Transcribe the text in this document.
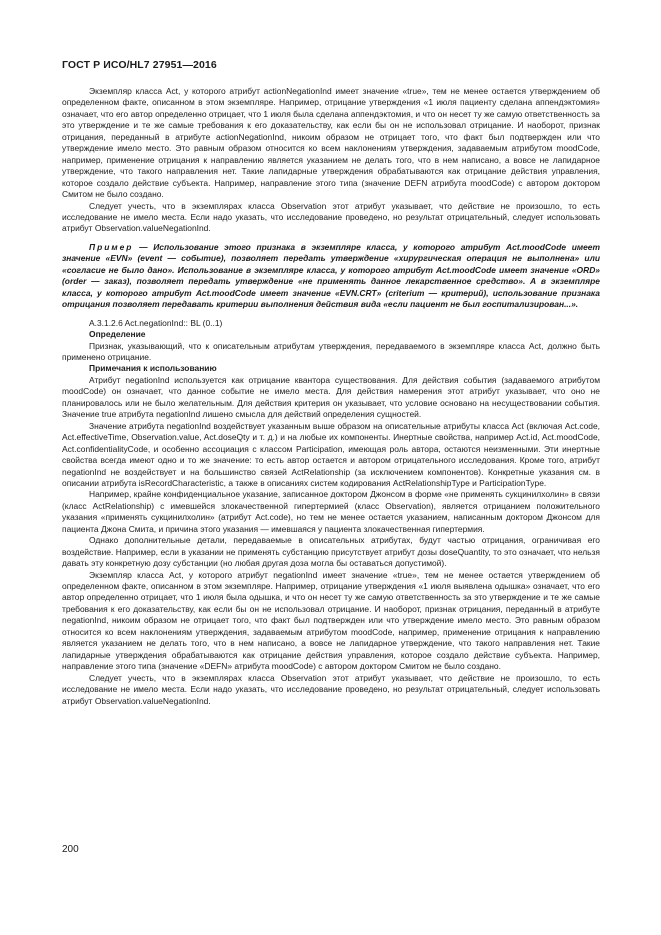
ГОСТ Р ИСО/HL7 27951—2016

Экземпляр класса Act, у которого атрибут actionNegationInd имеет значение «true», тем не менее остается утверждением об определенном факте, описанном в этом экземпляре. Например, отрицание утверждения «1 июля пациенту сделана аппендэктомия» означает, что его автор определенно отрицает, что 1 июля была сделана аппендэктомия, и что он несет ту же самую ответственность за это утверждение и те же самые требования к его доказательству, как если бы он не использовал отрицание. И наоборот, признак отрицания, переданный в атрибуте actionNegationInd, никоим образом не отрицает того, что факт был подтвержден или что утверждение имело место. Это равным образом относится ко всем наклонениям утверждения, задаваемым атрибутом moodCode, например, применение отрицания к направлению является указанием не делать того, что в нем написано, а вовсе не лапидарное утверждение, что такого направления нет. Такие лапидарные утверждения обрабатываются как отрицание действия управления, которое создало действие субъекта. Например, направление этого типа (значение DEFN атрибута moodCode) с автором доктором Смитом не было создано.

Следует учесть, что в экземплярах класса Observation этот атрибут указывает, что действие не произошло, то есть исследование не имело места. Если надо указать, что исследование проведено, но результат отрицательный, следует использовать атрибут Observation.valueNegationInd.

Пример — Использование этого признака в экземпляре класса, у которого атрибут Act.moodCode имеет значение «EVN» (event — событие), позволяет передать утверждение «хирургическая операция не выполнена» или «согласие не было дано». Использование в экземпляре класса, у которого атрибут Act.moodCode имеет значение «ORD» (order — заказ), позволяет передать утверждение «не применять данное лекарственное средство». А в экземпляре класса, у которого атрибут Act.moodCode имеет значение «EVN.CRT» (criterium — критерий), использование признака отрицания позволяет передавать критерии выполнения действия вида «если пациент не был госпитализирован...».

A.3.1.2.6 Act.negationInd:: BL (0..1)

Определение

Признак, указывающий, что к описательным атрибутам утверждения, передаваемого в экземпляре класса Act, должно быть применено отрицание.

Примечания к использованию

Атрибут negationInd используется как отрицание квантора существования. Для действия события (задаваемого атрибутом moodCode) он означает, что данное событие не имело места. Для действия намерения этот атрибут указывает, что оно не планировалось или не было желательным. Для действия критерия он указывает, что условие основано на несуществовании события. Значение true атрибута negationInd лишено смысла для действий определения сущностей.

Значение атрибута negationInd воздействует указанным выше образом на описательные атрибуты класса Act (включая Act.code, Act.effectiveTime, Observation.value, Act.doseQty и т. д.) и на любые их компоненты. Инертные свойства, например Act.id, Act.moodCode, Act.confidentialityCode, и особенно ассоциация с классом Participation, имеющая роль автора, остаются неизменными. Эти инертные свойства всегда имеют одно и то же значение: то есть автор остается и автором отрицательного исследования. Кроме того, атрибут negationInd не воздействует и на большинство связей ActRelationship (за исключением компонентов). Конкретные указания см. в описании атрибута isRecordCharacteristic, а также в описаниях систем кодирования ActRelationshipType и ParticipationType.

Например, крайне конфиденциальное указание, записанное доктором Джонсом в форме «не применять сукцинилхолин» в связи (класс ActRelationship) с имевшейся злокачественной гипертермией (класс Observation), является отрицанием положительного указания «применять сукцинилхолин» (атрибут Act.code), но тем не менее остается указанием, написанным доктором Джонсом для пациента Джона Смита, и причина этого указания — имевшаяся у пациента злокачественная гипертермия.

Однако дополнительные детали, передаваемые в описательных атрибутах, будут частью отрицания, ограничивая его воздействие. Например, если в указании не применять субстанцию присутствует атрибут дозы doseQuantity, то это означает, что нельзя давать эту конкретную дозу субстанции (но любая другая доза могла бы оставаться допустимой).

Экземпляр класса Act, у которого атрибут negationInd имеет значение «true», тем не менее остается утверждением об определенном факте, описанном в этом экземпляре. Например, отрицание утверждения «1 июля выявлена одышка» означает, что его автор определенно отрицает, что 1 июля была одышка, и что он несет ту же самую ответственность за это утверждение и те же самые требования к его доказательству, как если бы он не использовал отрицание. И наоборот, признак отрицания, переданный в атрибуте negationInd, никоим образом не отрицает того, что факт был подтвержден или что утверждение имело место. Это равным образом относится ко всем наклонениям утверждения, задаваемым атрибутом moodCode, например, применение отрицания к направлению является указанием не делать того, что в нем написано, а вовсе не лапидарное утверждение, что такого направления нет. Такие лапидарные утверждения обрабатываются как отрицание действия управления, которое создало действие субъекта. Например, направление этого типа (значение «DEFN» атрибута moodCode) с автором доктором Смитом не было создано.

Следует учесть, что в экземплярах класса Observation этот атрибут указывает, что действие не произошло, то есть исследование не имело места. Если надо указать, что исследование проведено, но результат отрицательный, следует использовать атрибут Observation.valueNegationInd.

200
